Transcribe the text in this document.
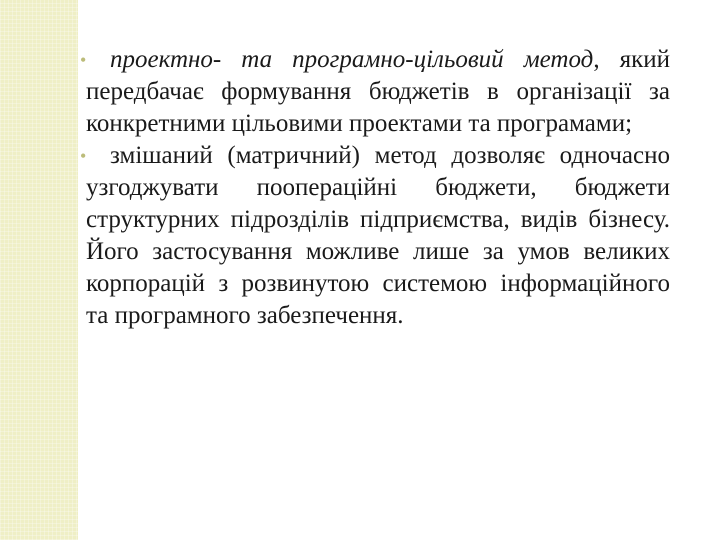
• проектно- та програмно-цільовий метод, який передбачає формування бюджетів в організації за конкретними цільовими проектами та програмами;

• змішаний (матричний) метод дозволяє одночасно узгоджувати пооперацiйні бюджети, бюджети структурних підрозділів підприємства, видів бізнесу. Його застосування можливе лише за умов великих корпорацій з розвинутою системою інформаційного та програмного забезпечення.
